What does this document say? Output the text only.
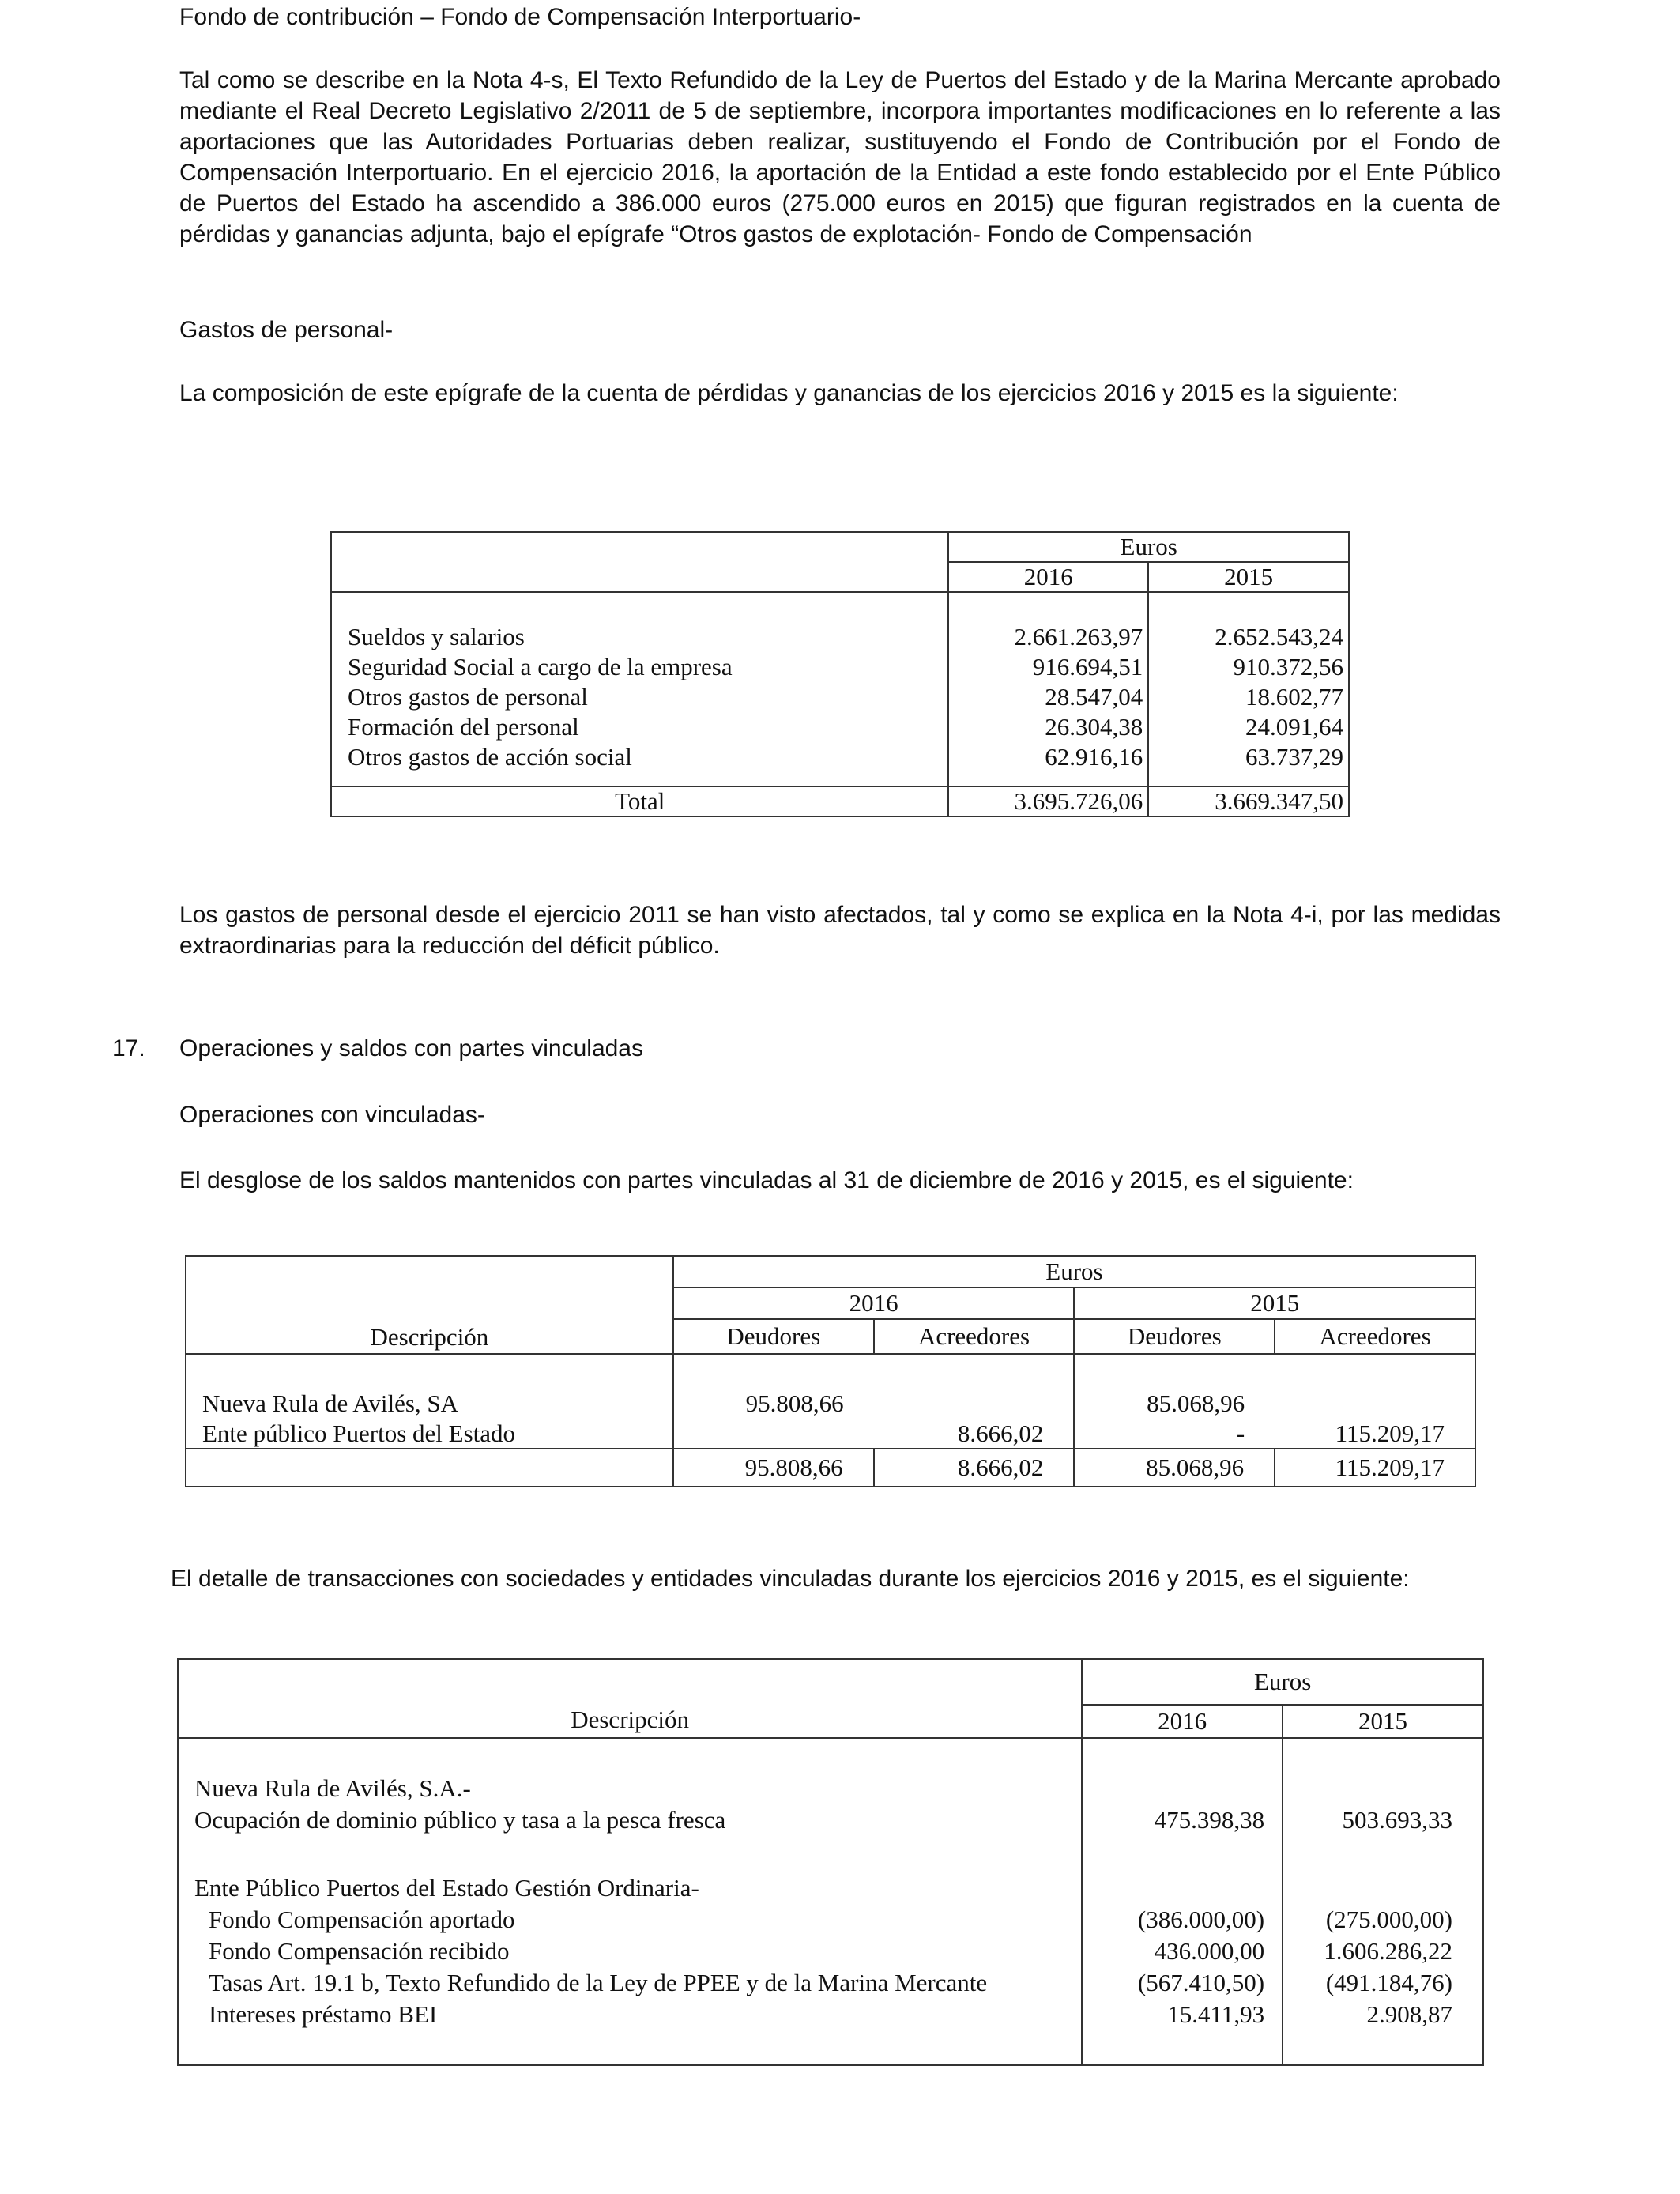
Fondo de contribución – Fondo de Compensación Interportuario-

Tal como se describe en la Nota 4-s, El Texto Refundido de la Ley de Puertos del Estado y de la Marina Mercante aprobado mediante el Real Decreto Legislativo 2/2011 de 5 de septiembre, incorpora importantes modificaciones en lo referente a las aportaciones que las Autoridades Portuarias deben realizar, sustituyendo el Fondo de Contribución por el Fondo de Compensación Interportuario. En el ejercicio 2016, la aportación de la Entidad a este fondo establecido por el Ente Público de Puertos del Estado ha ascendido a 386.000 euros (275.000 euros en 2015) que figuran registrados en la cuenta de pérdidas y ganancias adjunta, bajo el epígrafe “Otros gastos de explotación- Fondo de Compensación

Gastos de personal-

La composición de este epígrafe de la cuenta de pérdidas y ganancias de los ejercicios 2016 y 2015 es la siguiente:

	Euros	
	2016	2015

Sueldos y salarios	2.661.263,97	2.652.543,24
Seguridad Social a cargo de la empresa	916.694,51	910.372,56
Otros gastos de personal	28.547,04	18.602,77
Formación del personal	26.304,38	24.091,64
Otros gastos de acción social	62.916,16	63.737,29

Total	3.695.726,06	3.669.347,50

Los gastos de personal desde el ejercicio 2011 se han visto afectados, tal y como se explica en la Nota 4-i, por las medidas extraordinarias para la reducción del déficit público.

17. Operaciones y saldos con partes vinculadas

Operaciones con vinculadas-

El desglose de los saldos mantenidos con partes vinculadas al 31 de diciembre de 2016 y 2015, es el siguiente:

Descripción	Euros			
	2016		2015	
	Deudores	Acreedores	Deudores	Acreedores

Nueva Rula de Avilés, SA	95.808,66		85.068,96	
Ente público Puertos del Estado		8.666,02	-	115.209,17
	95.808,66	8.666,02	85.068,96	115.209,17

El detalle de transacciones con sociedades y entidades vinculadas durante los ejercicios 2016 y 2015, es el siguiente:

Descripción	Euros	
	2016	2015

Nueva Rula de Avilés, S.A.-		
Ocupación de dominio público y tasa a la pesca fresca	475.398,38	503.693,33

Ente Público Puertos del Estado Gestión Ordinaria-		
Fondo Compensación aportado	(386.000,00)	(275.000,00)
Fondo Compensación recibido	436.000,00	1.606.286,22
Tasas Art. 19.1 b, Texto Refundido de la Ley de PPEE y de la Marina Mercante	(567.410,50)	(491.184,76)
Intereses préstamo BEI	15.411,93	2.908,87
